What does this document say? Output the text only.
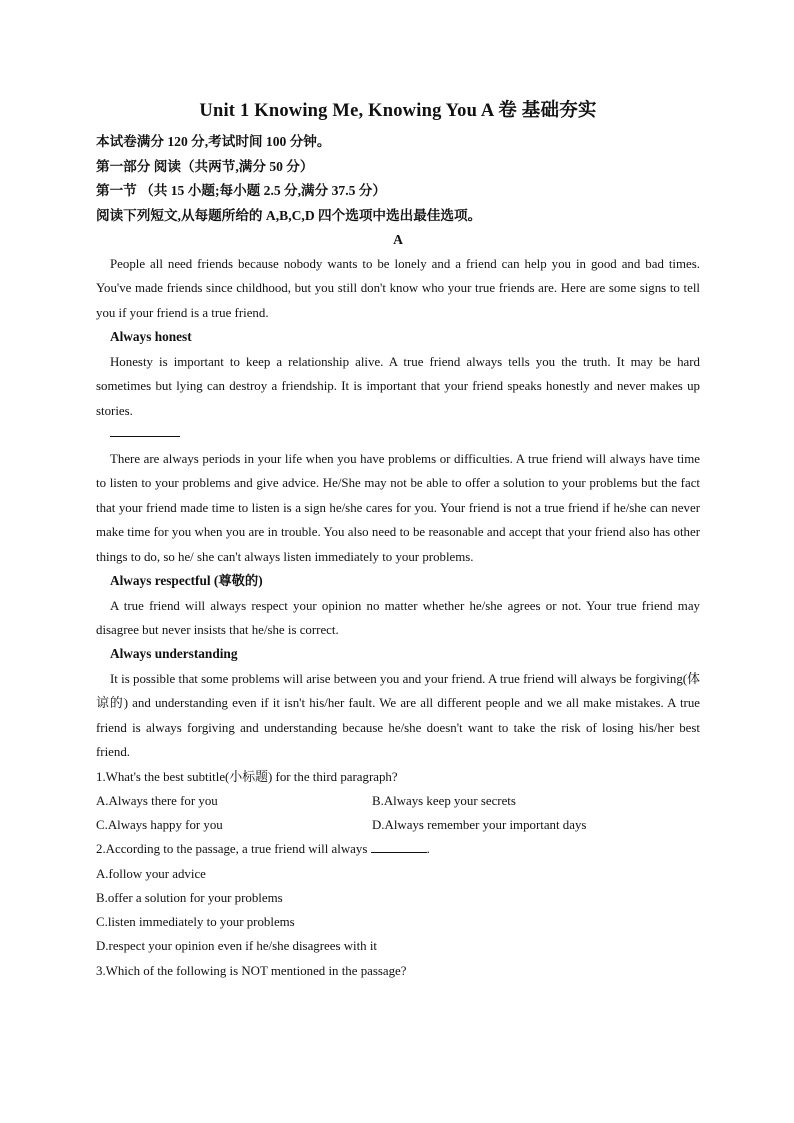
Unit 1 Knowing Me, Knowing You A 卷 基础夯实
本试卷满分 120 分,考试时间 100 分钟。
第一部分 阅读（共两节,满分 50 分）
第一节 （共 15 小题;每小题 2.5 分,满分 37.5 分）
阅读下列短文,从每题所给的 A,B,C,D 四个选项中选出最佳选项。
A

People all need friends because nobody wants to be lonely and a friend can help you in good and bad times. You've made friends since childhood, but you still don't know who your true friends are. Here are some signs to tell you if your friend is a true friend.

Always honest

Honesty is important to keep a relationship alive. A true friend always tells you the truth. It may be hard sometimes but lying can destroy a friendship. It is important that your friend speaks honestly and never makes up stories.

There are always periods in your life when you have problems or difficulties. A true friend will always have time to listen to your problems and give advice. He/She may not be able to offer a solution to your problems but the fact that your friend made time to listen is a sign he/she cares for you. Your friend is not a true friend if he/she can never make time for you when you are in trouble. You also need to be reasonable and accept that your friend also has other things to do, so he/ she can't always listen immediately to your problems.

Always respectful (尊敬的)

A true friend will always respect your opinion no matter whether he/she agrees or not. Your true friend may disagree but never insists that he/she is correct.

Always understanding

It is possible that some problems will arise between you and your friend. A true friend will always be forgiving(体谅的) and understanding even if it isn't his/her fault. We are all different people and we all make mistakes. A true friend is always forgiving and understanding because he/she doesn't want to take the risk of losing his/her best friend.

1.What's the best subtitle(小标题) for the third paragraph?
A.Always there for you	B.Always keep your secrets
C.Always happy for you	D.Always remember your important days
2.According to the passage, a true friend will always	.
A.follow your advice
B.offer a solution for your problems
C.listen immediately to your problems
D.respect your opinion even if he/she disagrees with it
3.Which of the following is NOT mentioned in the passage?
